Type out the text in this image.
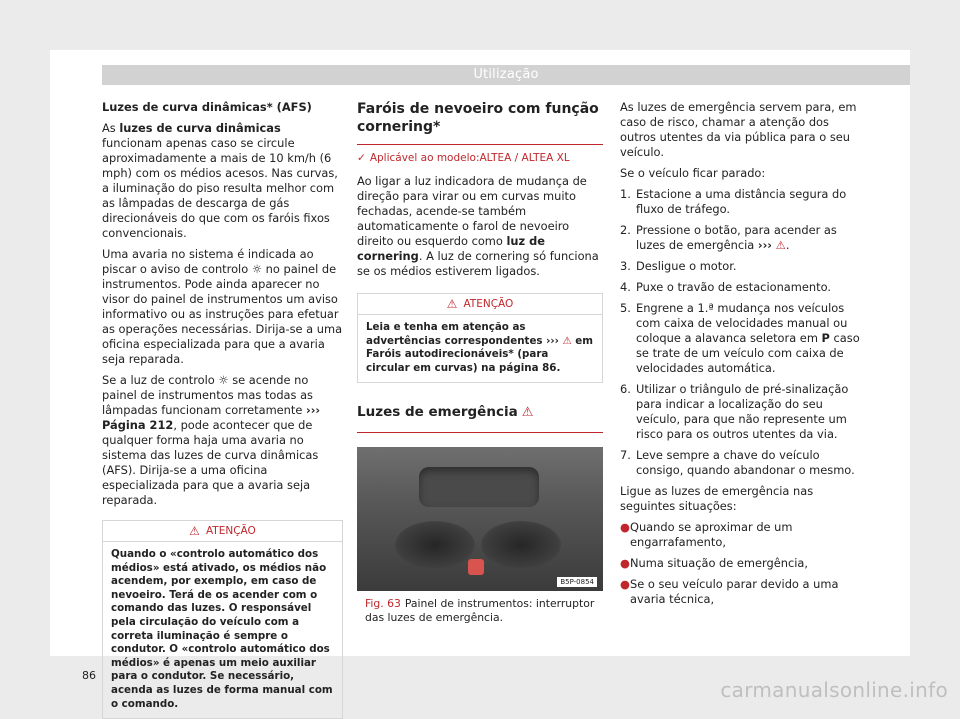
Utilização

Luzes de curva dinâmicas* (AFS)

As luzes de curva dinâmicas funcionam apenas caso se circule aproximadamente a mais de 10 km/h (6 mph) com os médios acesos. Nas curvas, a iluminação do piso resulta melhor com as lâmpadas de descarga de gás direcionáveis do que com os faróis fixos convencionais.

Uma avaria no sistema é indicada ao piscar o aviso de controlo ☼ no painel de instrumentos. Pode ainda aparecer no visor do painel de instrumentos um aviso informativo ou as instruções para efetuar as operações necessárias. Dirija-se a uma oficina especializada para que a avaria seja reparada.

Se a luz de controlo ☼ se acende no painel de instrumentos mas todas as lâmpadas funcionam corretamente ››› Página 212, pode acontecer que de qualquer forma haja uma avaria no sistema das luzes de curva dinâmicas (AFS). Dirija-se a uma oficina especializada para que a avaria seja reparada.

⚠ ATENÇÃO
Quando o «controlo automático dos médios» está ativado, os médios não acendem, por exemplo, em caso de nevoeiro. Terá de os acender com o comando das luzes. O responsável pela circulação do veículo com a correta iluminação é sempre o condutor. O «controlo automático dos médios» é apenas um meio auxiliar para o condutor. Se necessário, acenda as luzes de forma manual com o comando.
Faróis de nevoeiro com função cornering*
✓ Aplicável ao modelo:ALTEA / ALTEA XL

Ao ligar a luz indicadora de mudança de direção para virar ou em curvas muito fechadas, acende-se também automaticamente o farol de nevoeiro direito ou esquerdo como luz de cornering. A luz de cornering só funciona se os médios estiverem ligados.

⚠ ATENÇÃO
Leia e tenha em atenção as advertências correspondentes ››› ⚠ em Faróis autodirecionáveis* (para circular em curvas) na página 86.
Luzes de emergência ⚠
B5P-0854
Fig. 63 Painel de instrumentos: interruptor das luzes de emergência.

As luzes de emergência servem para, em caso de risco, chamar a atenção dos outros utentes da via pública para o seu veículo.

Se o veículo ficar parado:

1. Estacione a uma distância segura do fluxo de tráfego.
2. Pressione o botão, para acender as luzes de emergência ››› ⚠.
3. Desligue o motor.
4. Puxe o travão de estacionamento.
5. Engrene a 1.ª mudança nos veículos com caixa de velocidades manual ou coloque a alavanca seletora em P caso se trate de um veículo com caixa de velocidades automática.
6. Utilizar o triângulo de pré-sinalização para indicar a localização do seu veículo, para que não represente um risco para os outros utentes da via.
7. Leve sempre a chave do veículo consigo, quando abandonar o mesmo.

Ligue as luzes de emergência nas seguintes situações:

● Quando se aproximar de um engarrafamento,
● Numa situação de emergência,
● Se o seu veículo parar devido a uma avaria técnica,
86
carmanualsonline.info
